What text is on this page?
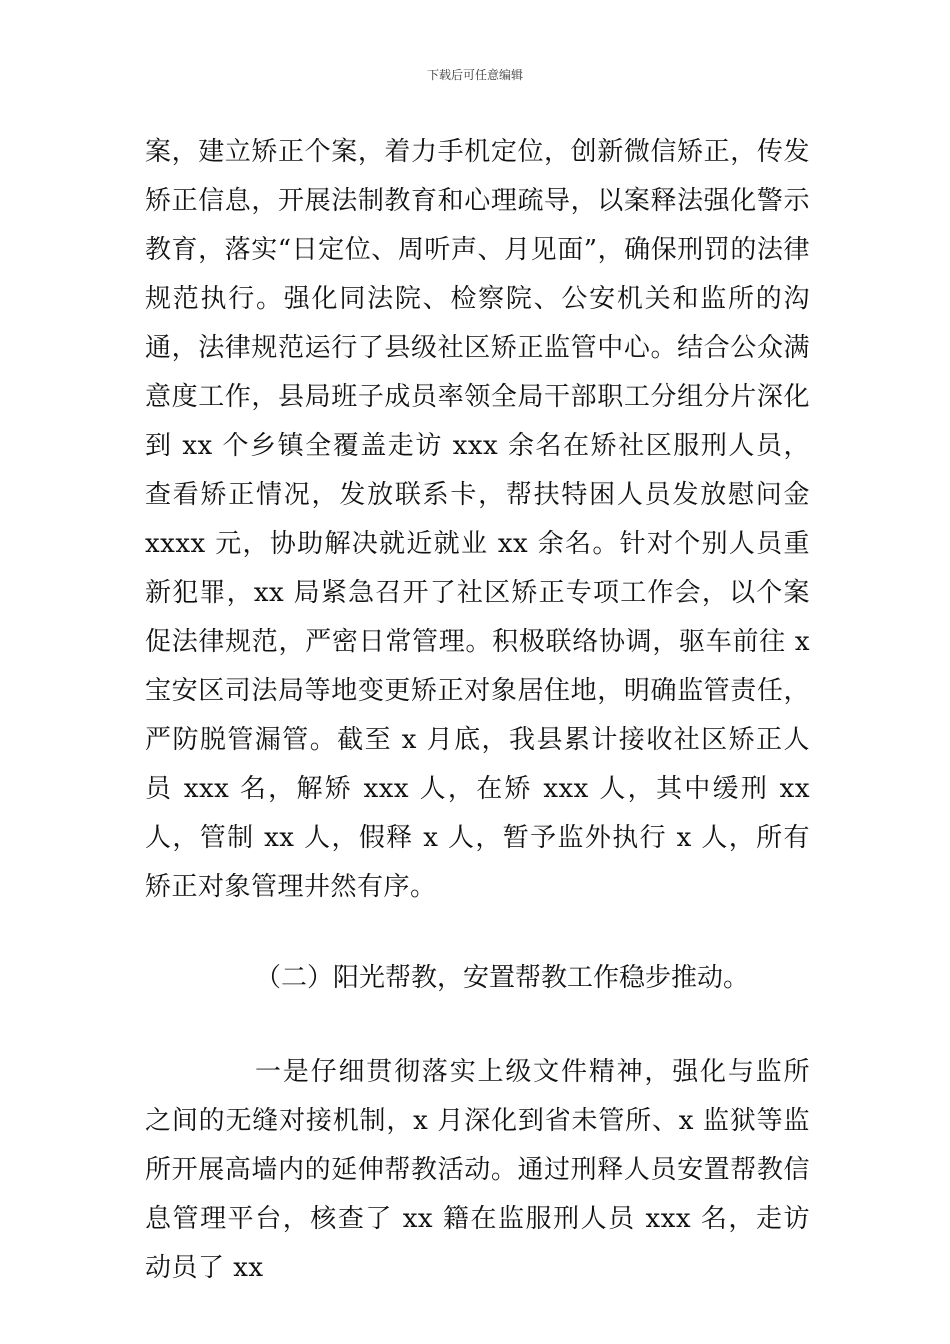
下载后可任意编辑

案，建立矫正个案，着力手机定位，创新微信矫正，传发矫正信息，开展法制教育和心理疏导，以案释法强化警示教育，落实“日定位、周听声、月见面”，确保刑罚的法律规范执行。强化同法院、检察院、公安机关和监所的沟通，法律规范运行了县级社区矫正监管中心。结合公众满意度工作，县局班子成员率领全局干部职工分组分片深化到 xx 个乡镇全覆盖走访 xxx 余名在矫社区服刑人员，查看矫正情况，发放联系卡，帮扶特困人员发放慰问金 xxxx 元，协助解决就近就业 xx 余名。针对个别人员重新犯罪，xx 局紧急召开了社区矫正专项工作会，以个案促法律规范，严密日常管理。积极联络协调，驱车前往 x 宝安区司法局等地变更矫正对象居住地，明确监管责任，严防脱管漏管。截至 x 月底，我县累计接收社区矫正人员 xxx 名，解矫 xxx 人，在矫 xxx 人，其中缓刑 xx 人，管制 xx 人，假释 x 人，暂予监外执行 x 人，所有矫正对象管理井然有序。

（二）阳光帮教，安置帮教工作稳步推动。

一是仔细贯彻落实上级文件精神，强化与监所之间的无缝对接机制，x 月深化到省未管所、x 监狱等监所开展高墙内的延伸帮教活动。通过刑释人员安置帮教信息管理平台，核查了 xx 籍在监服刑人员 xxx 名，走访动员了 xx
